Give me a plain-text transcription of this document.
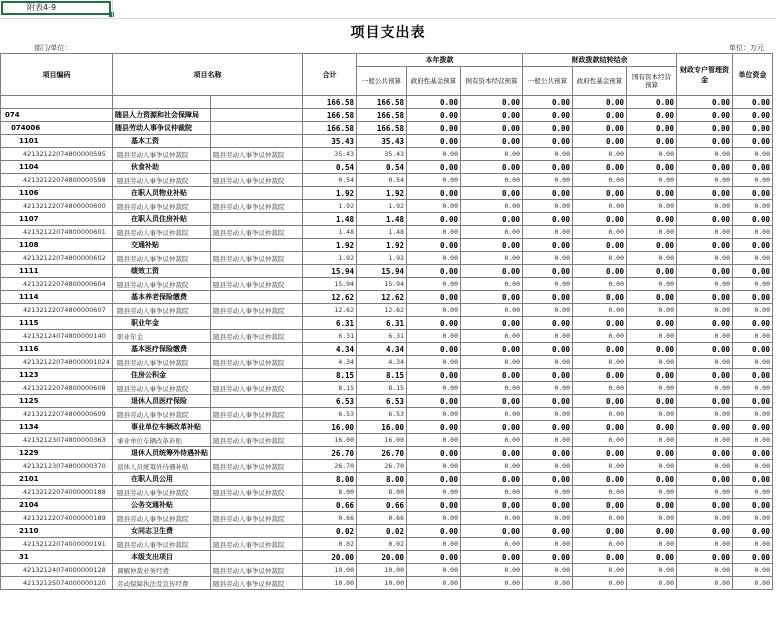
附表4-9
项目支出表
部门/单位：	单位：万元
项目编码	项目名称		合计	本年拨款			财政拨款结转结余			财政专户管理资金	单位资金
				一般公共预算	政府性基金预算	国有资本经营预算	一般公共预算	政府性基金预算	国有资本经营预算		
			166.58	166.58	0.00	0.00	0.00	0.00	0.00	0.00	0.00
074	随县人力资源和社会保障局		166.58	166.58	0.00	0.00	0.00	0.00	0.00	0.00	0.00
074006	随县劳动人事争议仲裁院		166.58	166.58	0.00	0.00	0.00	0.00	0.00	0.00	0.00
1101	基本工资		35.43	35.43	0.00	0.00	0.00	0.00	0.00	0.00	0.00
42132122074800000595	随县劳动人事争议仲裁院	随县劳动人事争议仲裁院	35.43	35.43	0.00	0.00	0.00	0.00	0.00	0.00	0.00
1104	伙食补助		0.54	0.54	0.00	0.00	0.00	0.00	0.00	0.00	0.00
42132122074800000598	随县劳动人事争议仲裁院	随县劳动人事争议仲裁院	0.54	0.54	0.00	0.00	0.00	0.00	0.00	0.00	0.00
1106	在职人员物业补贴		1.92	1.92	0.00	0.00	0.00	0.00	0.00	0.00	0.00
42132122074800000600	随县劳动人事争议仲裁院	随县劳动人事争议仲裁院	1.92	1.92	0.00	0.00	0.00	0.00	0.00	0.00	0.00
1107	在职人员住房补贴		1.48	1.48	0.00	0.00	0.00	0.00	0.00	0.00	0.00
42132122074800000601	随县劳动人事争议仲裁院	随县劳动人事争议仲裁院	1.48	1.48	0.00	0.00	0.00	0.00	0.00	0.00	0.00
1108	交通补贴		1.92	1.92	0.00	0.00	0.00	0.00	0.00	0.00	0.00
42132122074800000602	随县劳动人事争议仲裁院	随县劳动人事争议仲裁院	1.92	1.92	0.00	0.00	0.00	0.00	0.00	0.00	0.00
1111	绩效工资		15.94	15.94	0.00	0.00	0.00	0.00	0.00	0.00	0.00
42132122074800000604	随县劳动人事争议仲裁院	随县劳动人事争议仲裁院	15.94	15.94	0.00	0.00	0.00	0.00	0.00	0.00	0.00
1114	基本养老保险缴费		12.62	12.62	0.00	0.00	0.00	0.00	0.00	0.00	0.00
42132122074800000607	随县劳动人事争议仲裁院	随县劳动人事争议仲裁院	12.62	12.62	0.00	0.00	0.00	0.00	0.00	0.00	0.00
1115	职业年金		6.31	6.31	0.00	0.00	0.00	0.00	0.00	0.00	0.00
42132124074800000140	职业年金	随县劳动人事争议仲裁院	6.31	6.31	0.00	0.00	0.00	0.00	0.00	0.00	0.00
1116	基本医疗保险缴费		4.34	4.34	0.00	0.00	0.00	0.00	0.00	0.00	0.00
421321220748000001024	随县劳动人事争议仲裁院	随县劳动人事争议仲裁院	4.34	4.34	0.00	0.00	0.00	0.00	0.00	0.00	0.00
1123	住房公积金		8.15	8.15	0.00	0.00	0.00	0.00	0.00	0.00	0.00
42132122074800000608	随县劳动人事争议仲裁院	随县劳动人事争议仲裁院	8.15	8.15	0.00	0.00	0.00	0.00	0.00	0.00	0.00
1125	退休人员医疗保险		6.53	6.53	0.00	0.00	0.00	0.00	0.00	0.00	0.00
42132122074800000609	随县劳动人事争议仲裁院	随县劳动人事争议仲裁院	6.53	6.53	0.00	0.00	0.00	0.00	0.00	0.00	0.00
1134	事业单位车辆改革补贴		16.00	16.00	0.00	0.00	0.00	0.00	0.00	0.00	0.00
42132123074800000363	事业单位车辆改革补贴	随县劳动人事争议仲裁院	16.00	16.00	0.00	0.00	0.00	0.00	0.00	0.00	0.00
1229	退休人员统筹外待遇补贴		26.70	26.70	0.00	0.00	0.00	0.00	0.00	0.00	0.00
42132123074800000370	退休人员统筹外待遇补贴	随县劳动人事争议仲裁院	26.70	26.70	0.00	0.00	0.00	0.00	0.00	0.00	0.00
2101	在职人员公用		8.00	8.00	0.00	0.00	0.00	0.00	0.00	0.00	0.00
42132122074000000188	随县劳动人事争议仲裁院	随县劳动人事争议仲裁院	8.00	8.00	0.00	0.00	0.00	0.00	0.00	0.00	0.00
2104	公务交通补贴		0.66	0.66	0.00	0.00	0.00	0.00	0.00	0.00	0.00
42132122074000000189	随县劳动人事争议仲裁院	随县劳动人事争议仲裁院	0.66	0.66	0.00	0.00	0.00	0.00	0.00	0.00	0.00
2110	女同志卫生费		0.02	0.02	0.00	0.00	0.00	0.00	0.00	0.00	0.00
42132122074000000191	随县劳动人事争议仲裁院	随县劳动人事争议仲裁院	0.02	0.02	0.00	0.00	0.00	0.00	0.00	0.00	0.00
31	本级支出项目		20.00	20.00	0.00	0.00	0.00	0.00	0.00	0.00	0.00
42132124074000000128	调解仲裁业务经费	随县劳动人事争议仲裁院	10.00	10.00	0.00	0.00	0.00	0.00	0.00	0.00	0.00
42132125074000000120	劳动保障执法及宣传经费	随县劳动人事争议仲裁院	10.00	10.00	0.00	0.00	0.00	0.00	0.00	0.00	0.00
